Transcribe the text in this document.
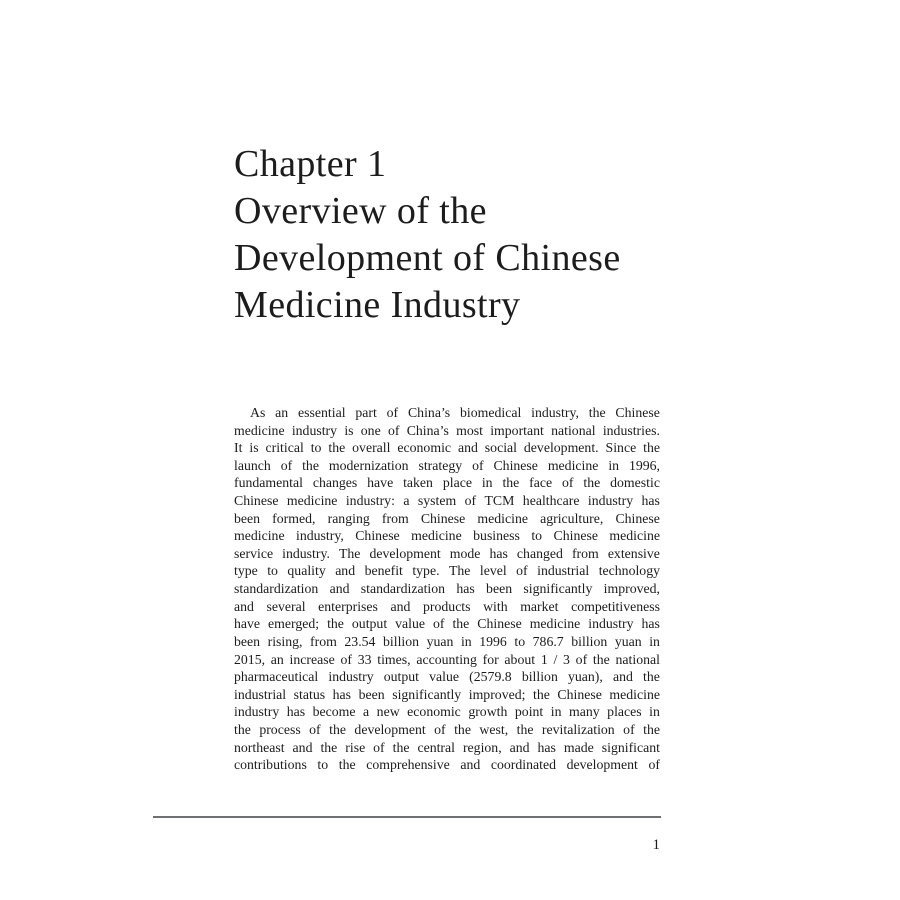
Chapter 1
Overview of the
Development of Chinese
Medicine Industry
As an essential part of China’s biomedical industry, the Chinese
medicine industry is one of China’s most important national industries.
It is critical to the overall economic and social development. Since the
launch of the modernization strategy of Chinese medicine in 1996,
fundamental changes have taken place in the face of the domestic
Chinese medicine industry: a system of TCM healthcare industry has
been formed, ranging from Chinese medicine agriculture, Chinese
medicine industry, Chinese medicine business to Chinese medicine
service industry. The development mode has changed from extensive
type to quality and benefit type. The level of industrial technology
standardization and standardization has been significantly improved,
and several enterprises and products with market competitiveness
have emerged; the output value of the Chinese medicine industry has
been rising, from 23.54 billion yuan in 1996 to 786.7 billion yuan in
2015, an increase of 33 times, accounting for about 1 / 3 of the national
pharmaceutical industry output value (2579.8 billion yuan), and the
industrial status has been significantly improved; the Chinese medicine
industry has become a new economic growth point in many places in
the process of the development of the west, the revitalization of the
northeast and the rise of the central region, and has made significant
contributions to the comprehensive and coordinated development of
1
